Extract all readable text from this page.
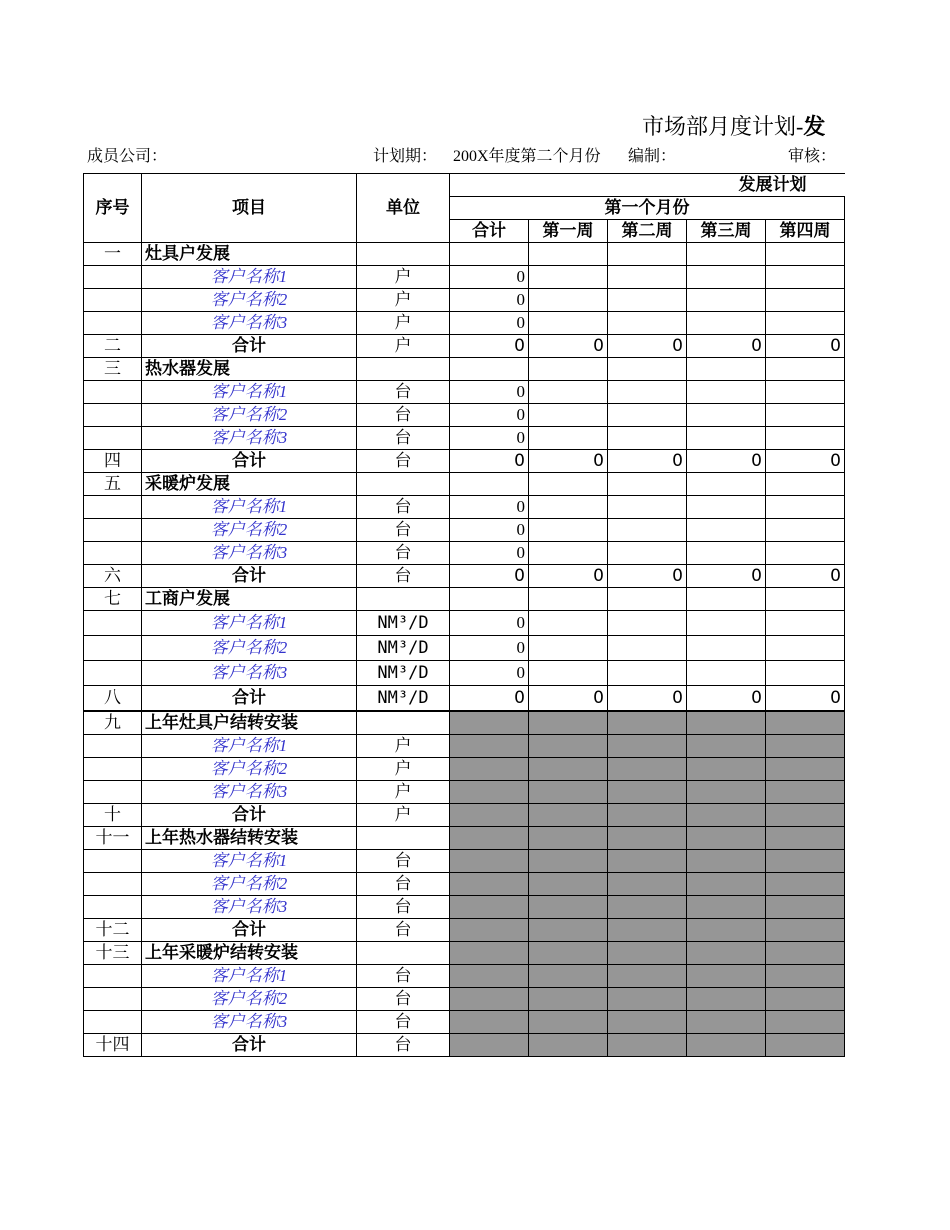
市场部月度计划-发
成员公司：	计划期： 200X年度第二个月份	编制：	审核：
序号	项目	单位	发展计划				
			第一个月份				
			合计	第一周	第二周	第三周	第四周
一	灶具户发展						
	客户名称1	户	0				
	客户名称2	户	0				
	客户名称3	户	0				
二	合计	户	0	0	0	0	0
三	热水器发展						
	客户名称1	台	0				
	客户名称2	台	0				
	客户名称3	台	0				
四	合计	台	0	0	0	0	0
五	采暖炉发展						
	客户名称1	台	0				
	客户名称2	台	0				
	客户名称3	台	0				
六	合计	台	0	0	0	0	0
七	工商户发展						
	客户名称1	NM³/D	0				
	客户名称2	NM³/D	0				
	客户名称3	NM³/D	0				
八	合计	NM³/D	0	0	0	0	0
九	上年灶具户结转安装						
	客户名称1	户					
	客户名称2	户					
	客户名称3	户					
十	合计	户					
十一	上年热水器结转安装						
	客户名称1	台					
	客户名称2	台					
	客户名称3	台					
十二	合计	台					
十三	上年采暖炉结转安装						
	客户名称1	台					
	客户名称2	台					
	客户名称3	台					
十四	合计	台					
